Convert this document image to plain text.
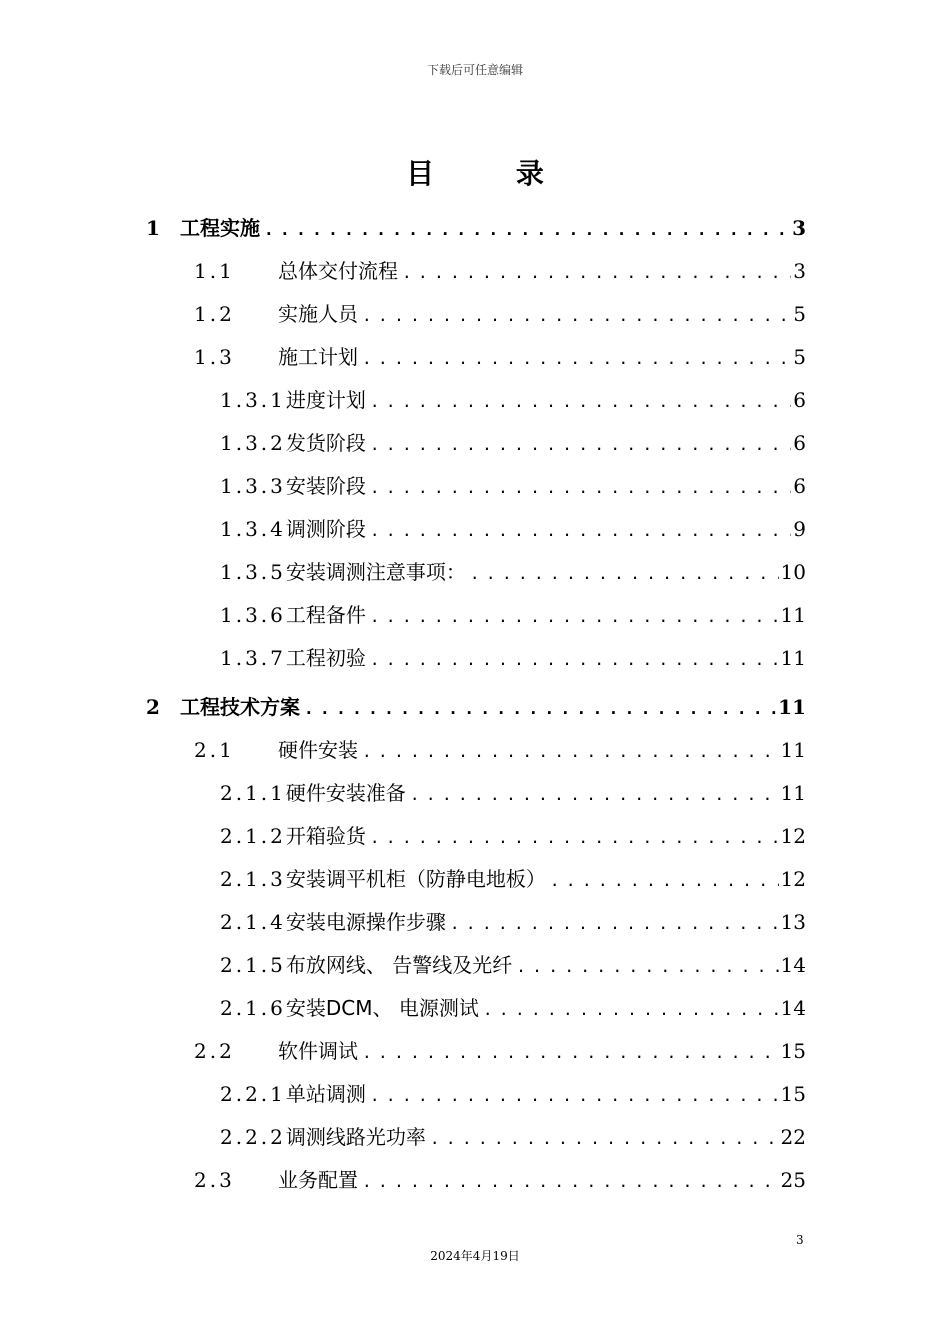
下载后可任意编辑
目 录
1	工程实施 .....	3
1.1	总体交付流程 .....	3
1.2	实施人员 .....	5
1.3	施工计划 .....	5
1.3.1 进度计划 .....	6
1.3.2 发货阶段 .....	6
1.3.3 安装阶段 .....	6
1.3.4 调测阶段 .....	9
1.3.5 安装调测注意事项： .....	10
1.3.6 工程备件 .....	11
1.3.7 工程初验 .....	11
2	工程技术方案 .....	11
2.1	硬件安装 .....	11
2.1.1 硬件安装准备 .....	11
2.1.2 开箱验货 .....	12
2.1.3 安装调平机柜（防静电地板） .....	12
2.1.4 安装电源操作步骤 .....	13
2.1.5 布放网线、 告警线及光纤 .....	14
2.1.6 安装DCM、 电源测试 .....	14
2.2	软件调试 .....	15
2.2.1 单站调测 .....	15
2.2.2 调测线路光功率 .....	22
2.3	业务配置 .....	25
3
2024年4月19日
